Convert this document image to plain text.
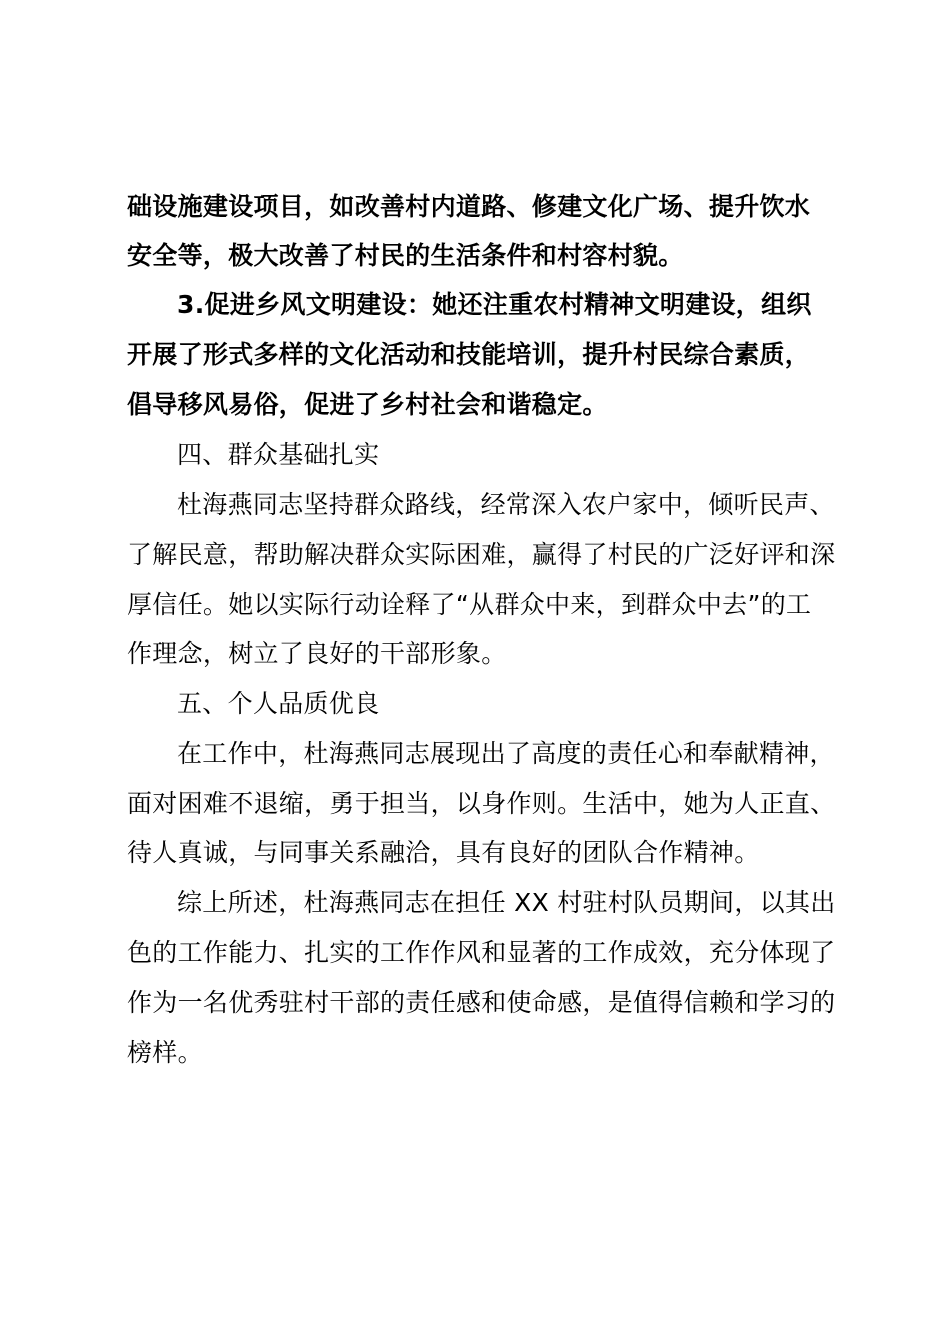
础设施建设项目，如改善村内道路、修建文化广场、提升饮水
安全等，极大改善了村民的生活条件和村容村貌。
3.促进乡风文明建设：她还注重农村精神文明建设，组织
开展了形式多样的文化活动和技能培训，提升村民综合素质，
倡导移风易俗，促进了乡村社会和谐稳定。
四、群众基础扎实
杜海燕同志坚持群众路线，经常深入农户家中，倾听民声、
了解民意，帮助解决群众实际困难，赢得了村民的广泛好评和深
厚信任。她以实际行动诠释了“从群众中来，到群众中去”的工
作理念，树立了良好的干部形象。
五、个人品质优良
在工作中，杜海燕同志展现出了高度的责任心和奉献精神，
面对困难不退缩，勇于担当，以身作则。生活中，她为人正直、
待人真诚，与同事关系融洽，具有良好的团队合作精神。
综上所述，杜海燕同志在担任 XX 村驻村队员期间，以其出
色的工作能力、扎实的工作作风和显著的工作成效，充分体现了
作为一名优秀驻村干部的责任感和使命感，是值得信赖和学习的
榜样。
